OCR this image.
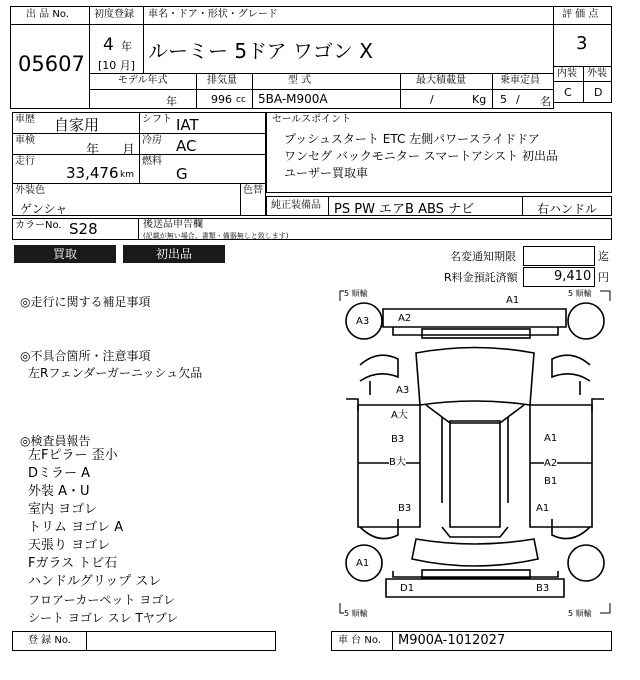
出 品 No.
05607
初度登録
4 年
[10 月]
車名・ドア・形状・グレード
ルーミー 5ドア ワゴン X
モデル年式	排気量	型 式	最大積載量	乗車定員
年	996 cc 5BA-M900A	/	Kg 5 / 名
評 価 点
3
内装 外装
C D
車歴 自家用	シフト IAT
車検
年 月
冷房 AC
走行
33,476 km
燃料
G
外装色
ゲンシャ
色替
セールスポイント
プッシュスタート ETC 左側パワースライドドア
ワンセグ バックモニター スマートアシスト 初出品
ユーザー買取車
純正装備品 PS PW エアB ABS ナビ	右ハンドル
カラーNo. S28	後送品申告欄
(記載が無い場合、書類・備器無しと致します)
買取	初出品	名変通知期限	迄
R料金預託済額	9,410 円
◎走行に関する補足事項
◎不具合箇所・注意事項
左Rフェンダーガーニッシュ欠品
◎検査員報告
左Fピラー 歪小
Dミラー A
外装 A・U
室内 ヨゴレ
トリム ヨゴレ A
天張り ヨゴレ
Fガラス トビ石
ハンドルグリップ スレ
フロアーカーペット ヨゴレ
シート ヨゴレ スレ Tヤブレ
5 順輸	5 順輸
5 順輸	5 順輸
A1
A2
A3
A3
A大
B3	A1
B大	A2
B1
B3	A1
A1
D1	B3
登 録 No.	車 台 No. M900A-1012027
